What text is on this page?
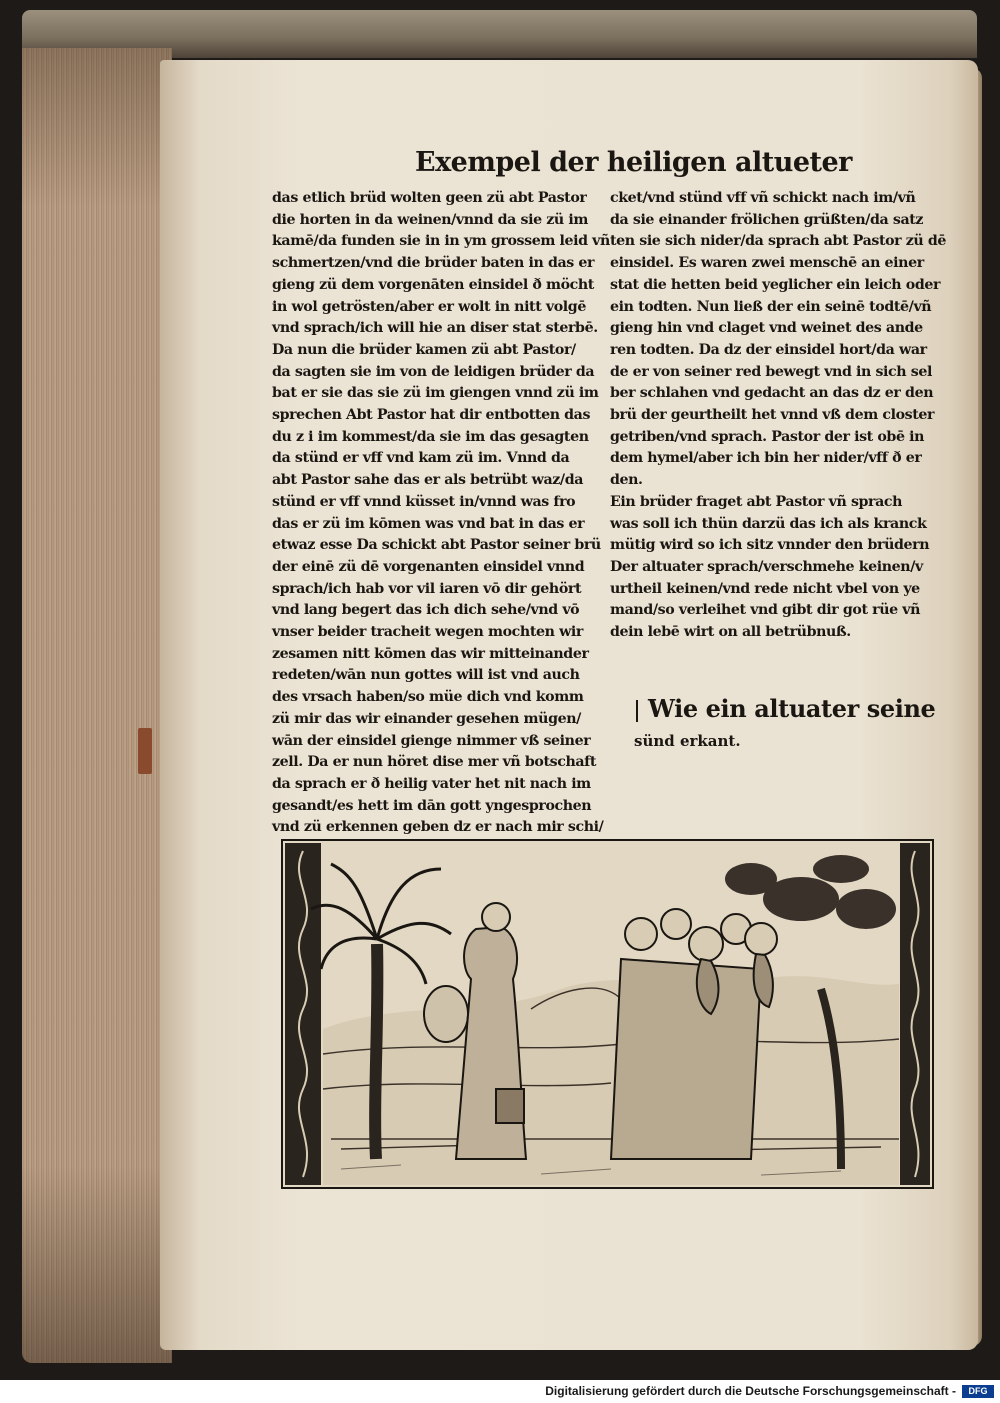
Exempel der heiligen altueter
das etlich brüd wolten geen zü abt Pastor
die horten in da weinen/vnnd da sie zü im
kamē/da funden sie in in ym grossem leid vñ
schmertzen/vnd die brüder baten in das er
gieng zü dem vorgenāten einsidel ð möcht
in wol getrösten/aber er wolt in nitt volgē
vnd sprach/ich will hie an diser stat sterbē.
Da nun die brüder kamen zü abt Pastor/
da sagten sie im von de leidigen brüder da
bat er sie das sie zü im giengen vnnd zü im
sprechen Abt Pastor hat dir entbotten das
du z i im kommest/da sie im das gesagten
da stünd er vff vnd kam zü im. Vnnd da
abt Pastor sahe das er als betrübt waz/da
stünd er vff vnnd küsset in/vnnd was fro
das er zü im kōmen was vnd bat in das er
etwaz esse Da schickt abt Pastor seiner brü
der einē zü dē vorgenanten einsidel vnnd
sprach/ich hab vor vil iaren vō dir gehört
vnd lang begert das ich dich sehe/vnd vō
vnser beider tracheit wegen mochten wir
zesamen nitt kōmen das wir mitteinander
redeten/wān nun gottes will ist vnd auch
des vrsach haben/so müe dich vnd komm
zü mir das wir einander gesehen mügen/
wān der einsidel gienge nimmer vß seiner
zell. Da er nun höret dise mer vñ botschaft
da sprach er ð heilig vater het nit nach im
gesandt/es hett im dān gott yngesprochen
vnd zü erkennen geben dz er nach mir schi/
cket/vnd stünd vff vñ schickt nach im/vñ
da sie einander frölichen grüßten/da satz
ten sie sich nider/da sprach abt Pastor zü dē
einsidel. Es waren zwei menschē an einer
stat die hetten beid yeglicher ein leich oder
ein todten. Nun ließ der ein seinē todtē/vñ
gieng hin vnd claget vnd weinet des ande
ren todten. Da dz der einsidel hort/da war
de er von seiner red bewegt vnd in sich sel
ber schlahen vnd gedacht an das dz er den
brü der geurtheilt het vnnd vß dem closter
getriben/vnd sprach. Pastor der ist obē in
dem hymel/aber ich bin her nider/vff ð er
den.
Ein brüder fraget abt Pastor vñ sprach
was soll ich thün darzü das ich als kranck
mütig wird so ich sitz vnnder den brüdern
Der altuater sprach/verschmehe keinen/v
urtheil keinen/vnd rede nicht vbel von ye
mand/so verleihet vnd gibt dir got rüe vñ
dein lebē wirt on all betrübnuß.
Wie ein altuater seine
sünd erkant.
Digitalisierung gefördert durch die Deutsche Forschungsgemeinschaft -	DFG
